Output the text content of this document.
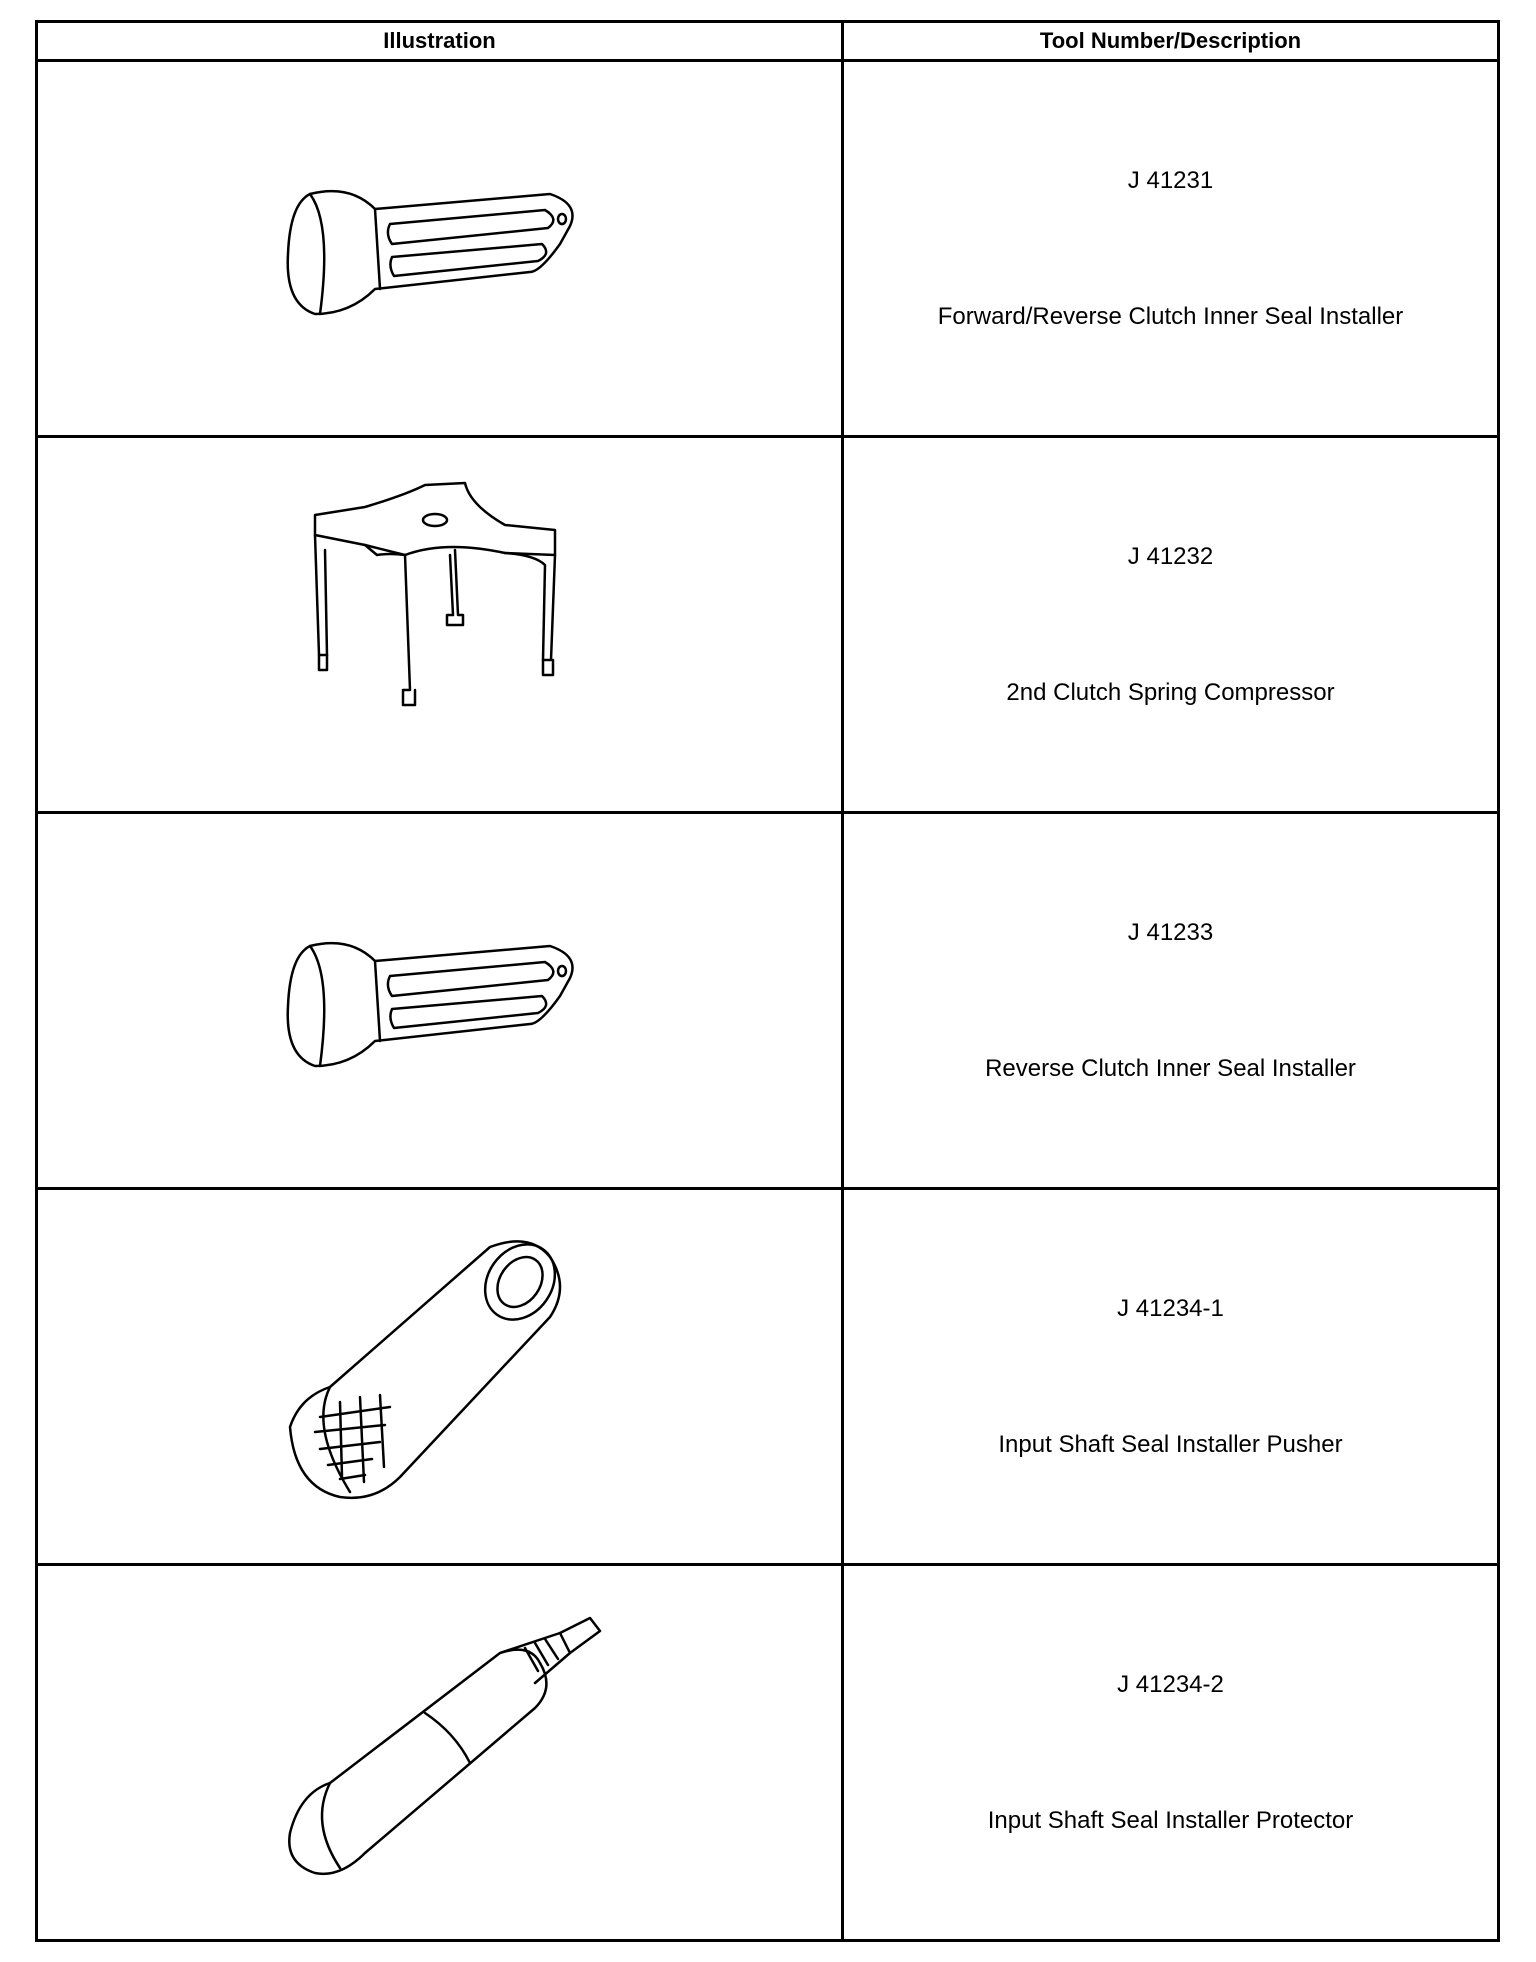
Illustration	Tool Number/Description

J 41231
Forward/Reverse Clutch Inner Seal Installer

J 41232
2nd Clutch Spring Compressor

J 41233
Reverse Clutch Inner Seal Installer

J 41234-1
Input Shaft Seal Installer Pusher

J 41234-2
Input Shaft Seal Installer Protector
